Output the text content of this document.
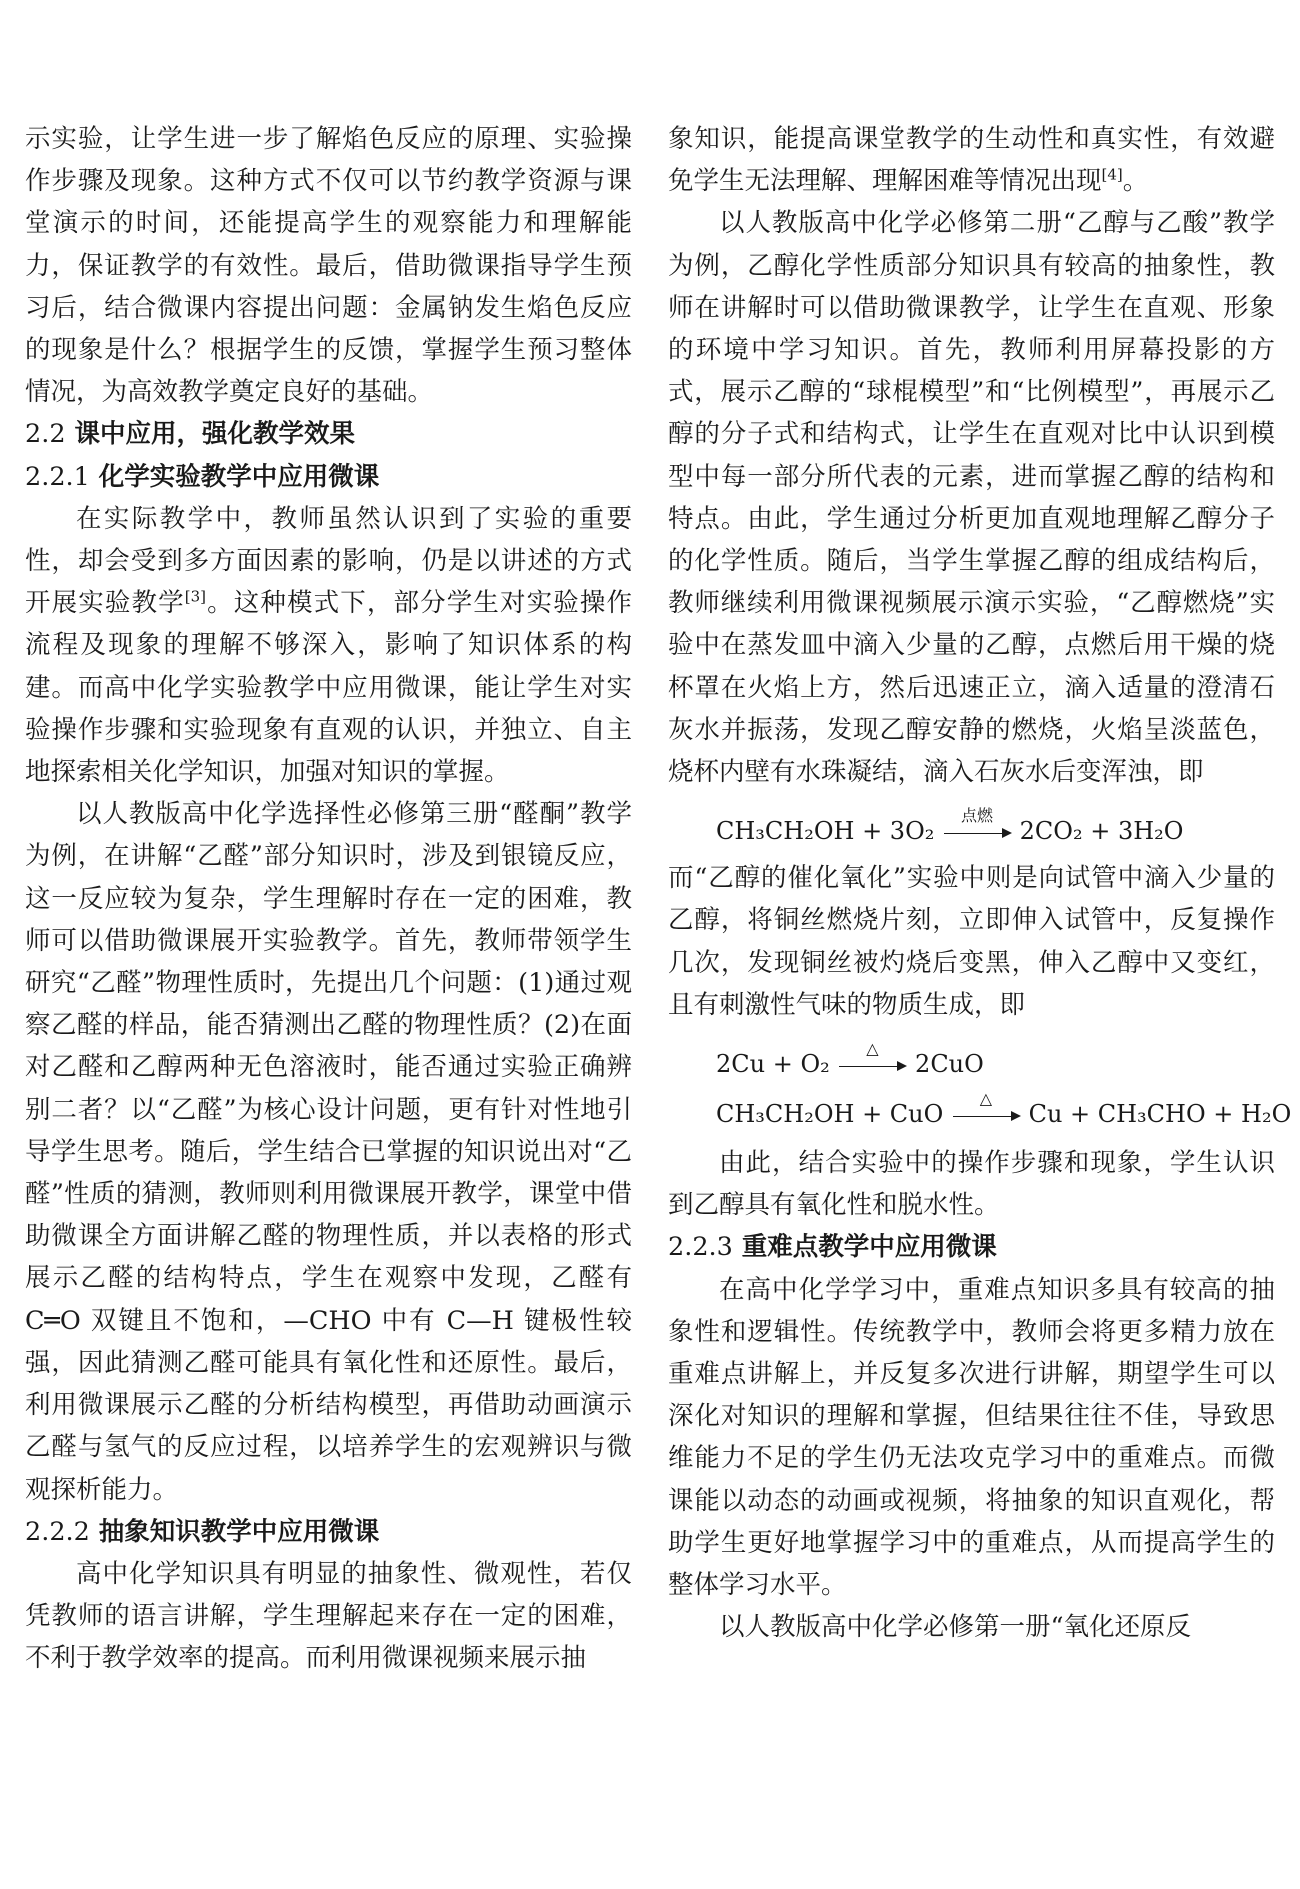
示实验，让学生进一步了解焰色反应的原理、实验操作步骤及现象。这种方式不仅可以节约教学资源与课堂演示的时间，还能提高学生的观察能力和理解能力，保证教学的有效性。最后，借助微课指导学生预习后，结合微课内容提出问题：金属钠发生焰色反应的现象是什么？根据学生的反馈，掌握学生预习整体情况，为高效教学奠定良好的基础。

2.2 课中应用，强化教学效果
2.2.1 化学实验教学中应用微课

在实际教学中，教师虽然认识到了实验的重要性，却会受到多方面因素的影响，仍是以讲述的方式开展实验教学[3]。这种模式下，部分学生对实验操作流程及现象的理解不够深入，影响了知识体系的构建。而高中化学实验教学中应用微课，能让学生对实验操作步骤和实验现象有直观的认识，并独立、自主地探索相关化学知识，加强对知识的掌握。

以人教版高中化学选择性必修第三册“醛酮”教学为例，在讲解“乙醛”部分知识时，涉及到银镜反应，这一反应较为复杂，学生理解时存在一定的困难，教师可以借助微课展开实验教学。首先，教师带领学生研究“乙醛”物理性质时，先提出几个问题：(1)通过观察乙醛的样品，能否猜测出乙醛的物理性质？(2)在面对乙醛和乙醇两种无色溶液时，能否通过实验正确辨别二者？以“乙醛”为核心设计问题，更有针对性地引导学生思考。随后，学生结合已掌握的知识说出对“乙醛”性质的猜测，教师则利用微课展开教学，课堂中借助微课全方面讲解乙醛的物理性质，并以表格的形式展示乙醛的结构特点，学生在观察中发现，乙醛有 C═O 双键且不饱和，—CHO 中有 C—H 键极性较强，因此猜测乙醛可能具有氧化性和还原性。最后，利用微课展示乙醛的分析结构模型，再借助动画演示乙醛与氢气的反应过程，以培养学生的宏观辨识与微观探析能力。

2.2.2 抽象知识教学中应用微课

高中化学知识具有明显的抽象性、微观性，若仅凭教师的语言讲解，学生理解起来存在一定的困难，不利于教学效率的提高。而利用微课视频来展示抽

象知识，能提高课堂教学的生动性和真实性，有效避免学生无法理解、理解困难等情况出现[4]。

以人教版高中化学必修第二册“乙醇与乙酸”教学为例，乙醇化学性质部分知识具有较高的抽象性，教师在讲解时可以借助微课教学，让学生在直观、形象的环境中学习知识。首先，教师利用屏幕投影的方式，展示乙醇的“球棍模型”和“比例模型”，再展示乙醇的分子式和结构式，让学生在直观对比中认识到模型中每一部分所代表的元素，进而掌握乙醇的结构和特点。由此，学生通过分析更加直观地理解乙醇分子的化学性质。随后，当学生掌握乙醇的组成结构后，教师继续利用微课视频展示演示实验，“乙醇燃烧”实验中在蒸发皿中滴入少量的乙醇，点燃后用干燥的烧杯罩在火焰上方，然后迅速正立，滴入适量的澄清石灰水并振荡，发现乙醇安静的燃烧，火焰呈淡蓝色，烧杯内壁有水珠凝结，滴入石灰水后变浑浊，即

CH₃CH₂OH + 3O₂
点燃
2CO₂ + 3H₂O

而“乙醇的催化氧化”实验中则是向试管中滴入少量的乙醇，将铜丝燃烧片刻，立即伸入试管中，反复操作几次，发现铜丝被灼烧后变黑，伸入乙醇中又变红，且有刺激性气味的物质生成，即

2Cu + O₂
△
2CuO
CH₃CH₂OH + CuO
△
Cu + CH₃CHO + H₂O

由此，结合实验中的操作步骤和现象，学生认识到乙醇具有氧化性和脱水性。

2.2.3 重难点教学中应用微课

在高中化学学习中，重难点知识多具有较高的抽象性和逻辑性。传统教学中，教师会将更多精力放在重难点讲解上，并反复多次进行讲解，期望学生可以深化对知识的理解和掌握，但结果往往不佳，导致思维能力不足的学生仍无法攻克学习中的重难点。而微课能以动态的动画或视频，将抽象的知识直观化，帮助学生更好地掌握学习中的重难点，从而提高学生的整体学习水平。

以人教版高中化学必修第一册“氧化还原反
